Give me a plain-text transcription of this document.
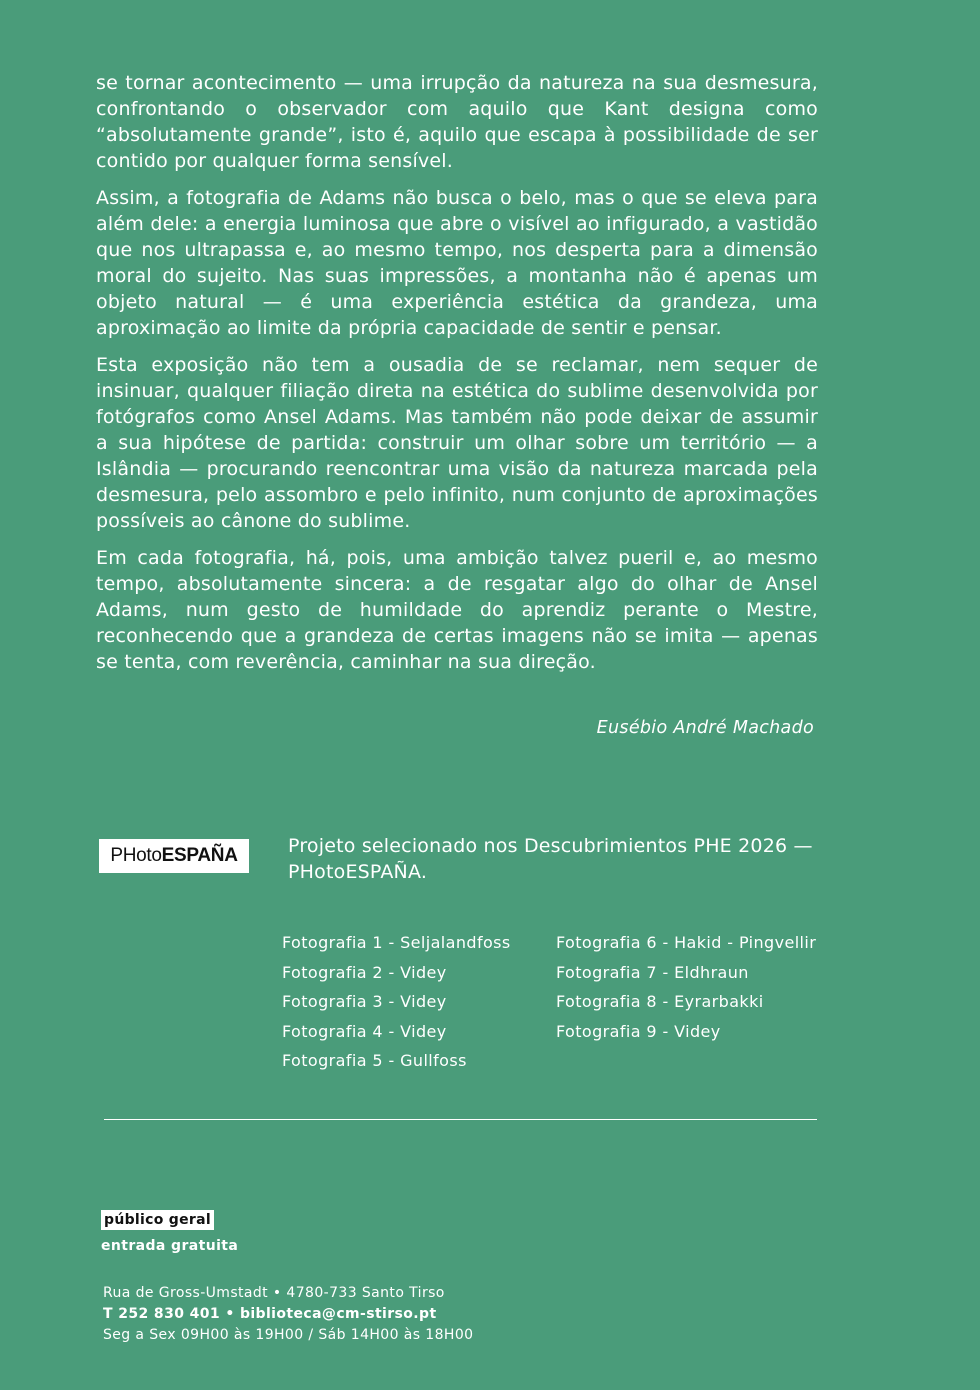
se tornar acontecimento — uma irrupção da natureza na sua desmesura, confrontando o observador com aquilo que Kant designa como “absolutamente grande”, isto é, aquilo que escapa à possibilidade de ser contido por qualquer forma sensível.

Assim, a fotografia de Adams não busca o belo, mas o que se eleva para além dele: a energia luminosa que abre o visível ao infigurado, a vastidão que nos ultrapassa e, ao mesmo tempo, nos desperta para a dimensão moral do sujeito. Nas suas impressões, a montanha não é apenas um objeto natural — é uma experiência estética da grandeza, uma aproximação ao limite da própria capacidade de sentir e pensar.

Esta exposição não tem a ousadia de se reclamar, nem sequer de insinuar, qualquer filiação direta na estética do sublime desenvolvida por fotógrafos como Ansel Adams. Mas também não pode deixar de assumir a sua hipótese de partida: construir um olhar sobre um território — a Islândia — procurando reencontrar uma visão da natureza marcada pela desmesura, pelo assombro e pelo infinito, num conjunto de aproximações possíveis ao cânone do sublime.

Em cada fotografia, há, pois, uma ambição talvez pueril e, ao mesmo tempo, absolutamente sincera: a de resgatar algo do olhar de Ansel Adams, num gesto de humildade do aprendiz perante o Mestre, reconhecendo que a grandeza de certas imagens não se imita — apenas se tenta, com reverência, caminhar na sua direção.

Eusébio André Machado
PHotoESPAÑA	Projeto selecionado nos Descubrimientos PHE 2026 — PHotoESPAÑA.
Fotografia 1 - Seljalandfoss
Fotografia 2 - Videy
Fotografia 3 - Videy
Fotografia 4 - Videy
Fotografia 5 - Gullfoss
Fotografia 6 - Hakid - Pingvellir
Fotografia 7 - Eldhraun
Fotografia 8 - Eyrarbakki
Fotografia 9 - Videy
público geral
entrada gratuita
Rua de Gross-Umstadt • 4780-733 Santo Tirso
T 252 830 401 • biblioteca@cm-stirso.pt
Seg a Sex 09H00 às 19H00 / Sáb 14H00 às 18H00
